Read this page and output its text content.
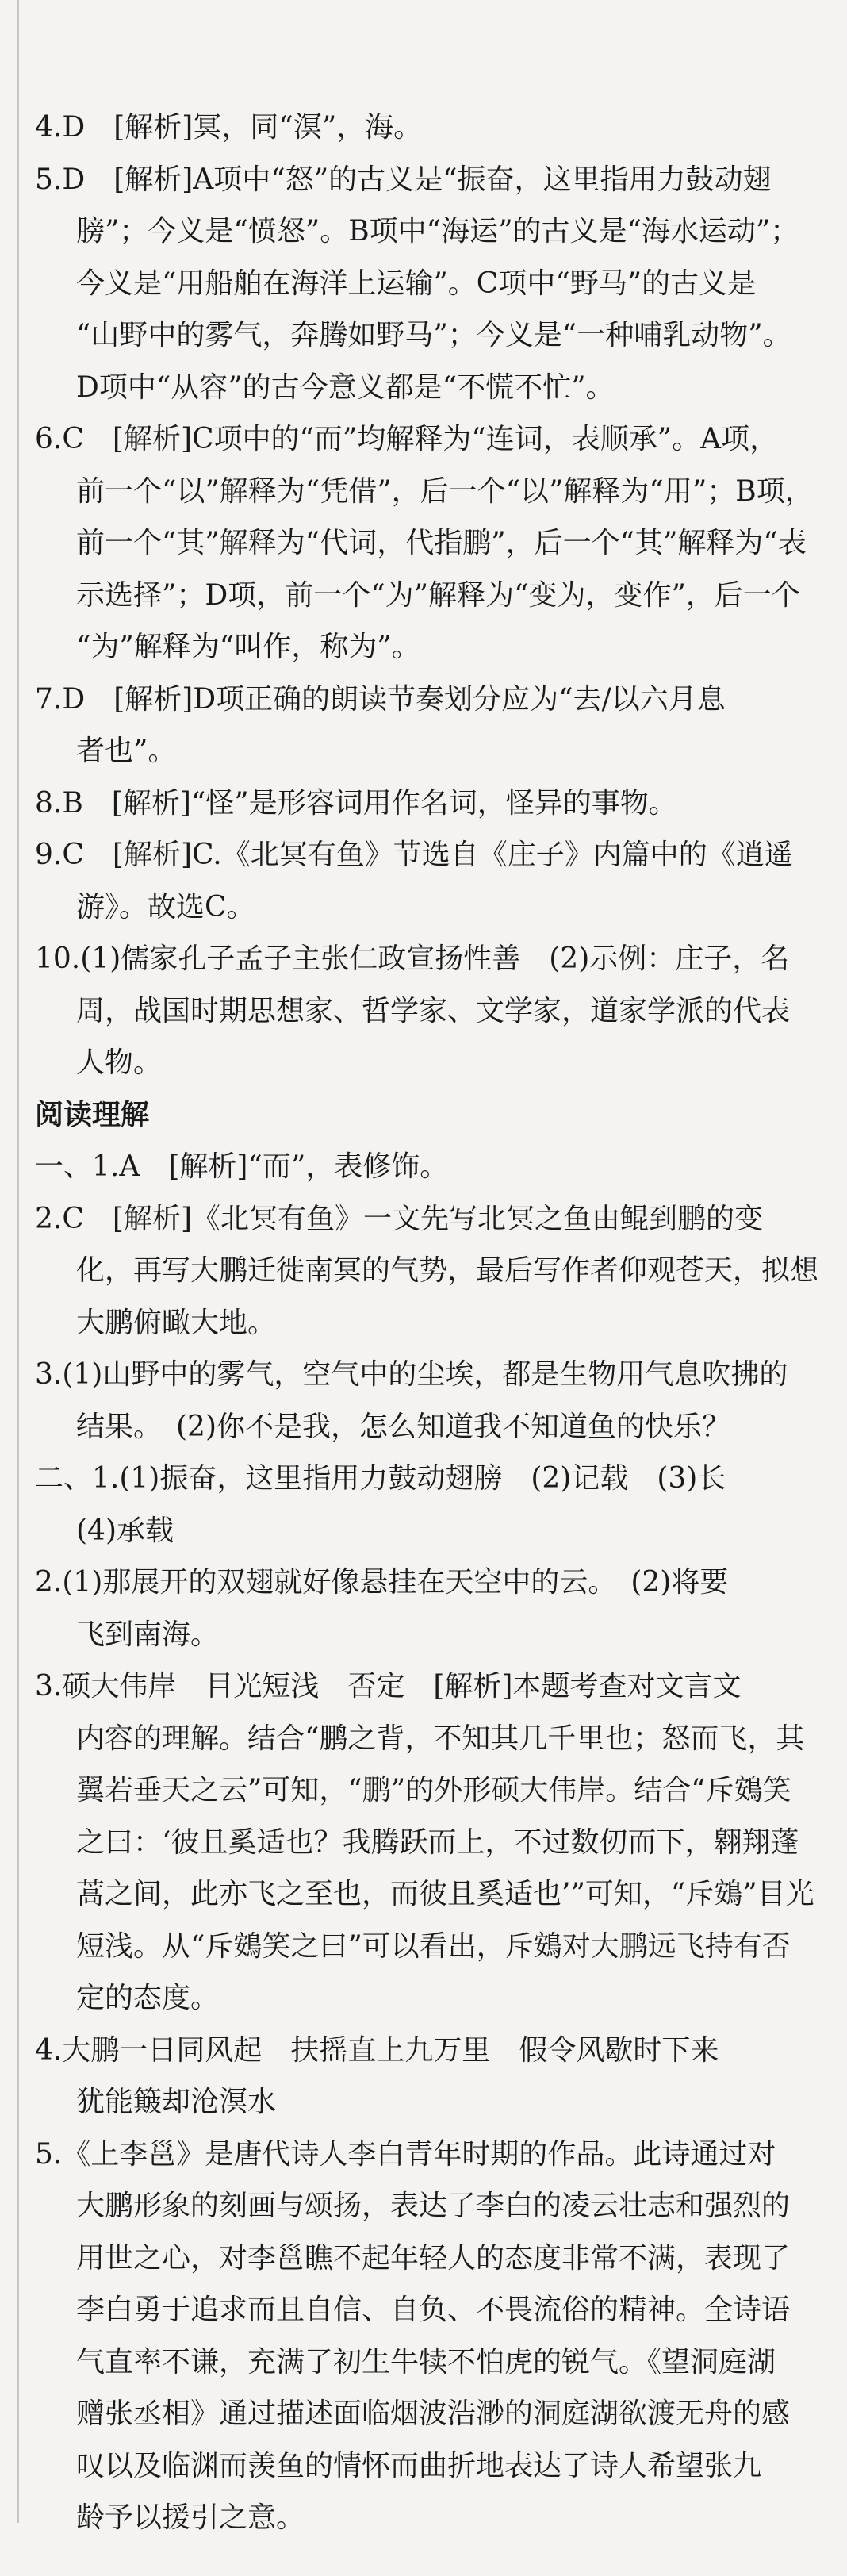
4.D　[解析]冥，同“溟”，海。
5.D　[解析]A项中“怒”的古义是“振奋，这里指用力鼓动翅
膀”；今义是“愤怒”。B项中“海运”的古义是“海水运动”；
今义是“用船舶在海洋上运输”。C项中“野马”的古义是
“山野中的雾气，奔腾如野马”；今义是“一种哺乳动物”。
D项中“从容”的古今意义都是“不慌不忙”。
6.C　[解析]C项中的“而”均解释为“连词，表顺承”。A项，
前一个“以”解释为“凭借”，后一个“以”解释为“用”；B项，
前一个“其”解释为“代词，代指鹏”，后一个“其”解释为“表
示选择”；D项，前一个“为”解释为“变为，变作”，后一个
“为”解释为“叫作，称为”。
7.D　[解析]D项正确的朗读节奏划分应为“去/以六月息
者也”。
8.B　[解析]“怪”是形容词用作名词，怪异的事物。
9.C　[解析]C.《北冥有鱼》节选自《庄子》内篇中的《逍遥
游》。故选C。
10.(1)儒家孔子孟子主张仁政宣扬性善　(2)示例：庄子，名
周，战国时期思想家、哲学家、文学家，道家学派的代表
人物。
阅读理解
一、1.A　[解析]“而”，表修饰。
2.C　[解析]《北冥有鱼》一文先写北冥之鱼由鲲到鹏的变
化，再写大鹏迁徙南冥的气势，最后写作者仰观苍天，拟想
大鹏俯瞰大地。
3.(1)山野中的雾气，空气中的尘埃，都是生物用气息吹拂的
结果。　(2)你不是我，怎么知道我不知道鱼的快乐？
二、1.(1)振奋，这里指用力鼓动翅膀　(2)记载　(3)长
(4)承载
2.(1)那展开的双翅就好像悬挂在天空中的云。　(2)将要
飞到南海。
3.硕大伟岸　目光短浅　否定　[解析]本题考查对文言文
内容的理解。结合“鹏之背，不知其几千里也；怒而飞，其
翼若垂天之云”可知，“鹏”的外形硕大伟岸。结合“斥鴳笑
之曰：‘彼且奚适也？我腾跃而上，不过数仞而下，翱翔蓬
蒿之间，此亦飞之至也，而彼且奚适也’”可知，“斥鴳”目光
短浅。从“斥鴳笑之曰”可以看出，斥鴳对大鹏远飞持有否
定的态度。
4.大鹏一日同风起　扶摇直上九万里　假令风歇时下来
犹能簸却沧溟水
5.《上李邕》是唐代诗人李白青年时期的作品。此诗通过对
大鹏形象的刻画与颂扬，表达了李白的凌云壮志和强烈的
用世之心，对李邕瞧不起年轻人的态度非常不满，表现了
李白勇于追求而且自信、自负、不畏流俗的精神。全诗语
气直率不谦，充满了初生牛犊不怕虎的锐气。《望洞庭湖
赠张丞相》通过描述面临烟波浩渺的洞庭湖欲渡无舟的感
叹以及临渊而羡鱼的情怀而曲折地表达了诗人希望张九
龄予以援引之意。
